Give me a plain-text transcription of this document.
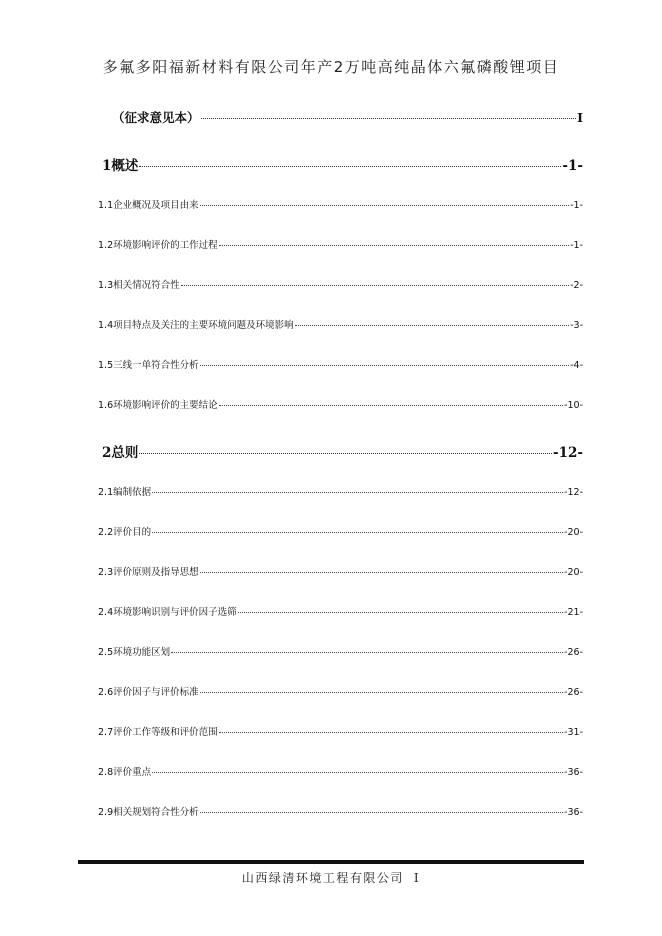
多氟多阳福新材料有限公司年产2万吨高纯晶体六氟磷酸锂项目
（征求意见本）	I
1概述	-1-
1.1企业概况及项目由来	-1-
1.2环境影响评价的工作过程	-1-
1.3相关情况符合性	-2-
1.4项目特点及关注的主要环境问题及环境影响	-3-
1.5三线一单符合性分析	-4-
1.6环境影响评价的主要结论	-10-
2总则	-12-
2.1编制依据	-12-
2.2评价目的	-20-
2.3评价原则及指导思想	-20-
2.4环境影响识别与评价因子选筛	-21-
2.5环境功能区划	-26-
2.6评价因子与评价标准	-26-
2.7评价工作等级和评价范围	-31-
2.8评价重点	-36-
2.9相关规划符合性分析	-36-
山西绿清环境工程有限公司 I
